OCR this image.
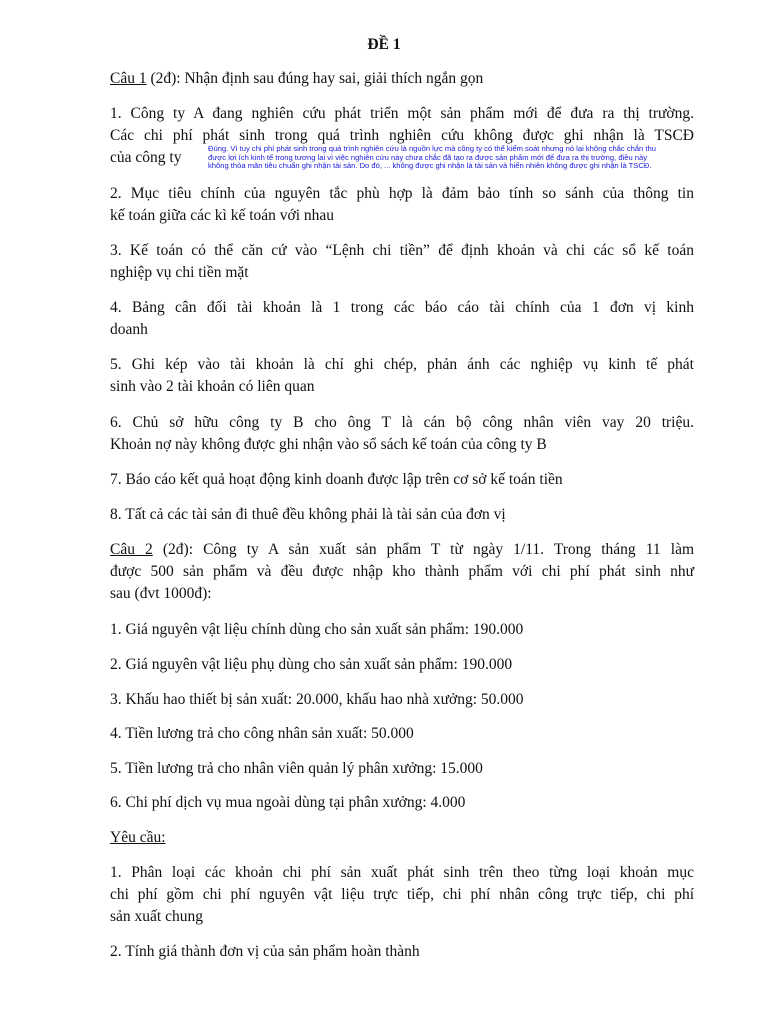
ĐỀ 1
Câu 1 (2đ): Nhận định sau đúng hay sai, giải thích ngắn gọn
1. Công ty A đang nghiên cứu phát triển một sản phẩm mới để đưa ra thị trường.
Các chi phí phát sinh trong quá trình nghiên cứu không được ghi nhận là TSCĐ
của công ty
Đúng. Vì tuy chi phí phát sinh trong quá trình nghiên cứu là nguồn lực mà công ty có thể kiểm soát nhưng nó lại không chắc chắn thu
được lợi ích kinh tế trong tương lai vì việc nghiên cứu này chưa chắc đã tạo ra được sản phẩm mới để đưa ra thị trường, điều này
không thỏa mãn tiêu chuẩn ghi nhận tài sản. Do đó, ... không được ghi nhận là tài sản và hiển nhiên không được ghi nhận là TSCĐ.
2. Mục tiêu chính của nguyên tắc phù hợp là đảm bảo tính so sánh của thông tin
kế toán giữa các kì kế toán với nhau
3. Kế toán có thể căn cứ vào “Lệnh chi tiền” để định khoản và chi các sổ kế toán
nghiệp vụ chi tiền mặt
4. Bảng cân đối tài khoản là 1 trong các báo cáo tài chính của 1 đơn vị kinh
doanh
5. Ghi kép vào tài khoản là chỉ ghi chép, phản ánh các nghiệp vụ kinh tế phát
sinh vào 2 tài khoản có liên quan
6. Chủ sở hữu công ty B cho ông T là cán bộ công nhân viên vay 20 triệu.
Khoản nợ này không được ghi nhận vào sổ sách kế toán của công ty B
7. Báo cáo kết quả hoạt động kinh doanh được lập trên cơ sở kế toán tiền
8. Tất cả các tài sản đi thuê đều không phải là tài sản của đơn vị
Câu 2 (2đ): Công ty A sản xuất sản phẩm T từ ngày 1/11. Trong tháng 11 làm
được 500 sản phẩm và đều được nhập kho thành phẩm với chi phí phát sinh như
sau (đvt 1000đ):
1. Giá nguyên vật liệu chính dùng cho sản xuất sản phẩm: 190.000
2. Giá nguyên vật liệu phụ dùng cho sản xuất sản phẩm: 190.000
3. Khấu hao thiết bị sản xuất: 20.000, khấu hao nhà xưởng: 50.000
4. Tiền lương trả cho công nhân sản xuất: 50.000
5. Tiền lương trả cho nhân viên quản lý phân xưởng: 15.000
6. Chi phí dịch vụ mua ngoài dùng tại phân xưởng: 4.000
Yêu cầu:
1. Phân loại các khoản chi phí sản xuất phát sinh trên theo từng loại khoản mục
chi phí gồm chi phí nguyên vật liệu trực tiếp, chi phí nhân công trực tiếp, chi phí
sản xuất chung
2. Tính giá thành đơn vị của sản phẩm hoàn thành
